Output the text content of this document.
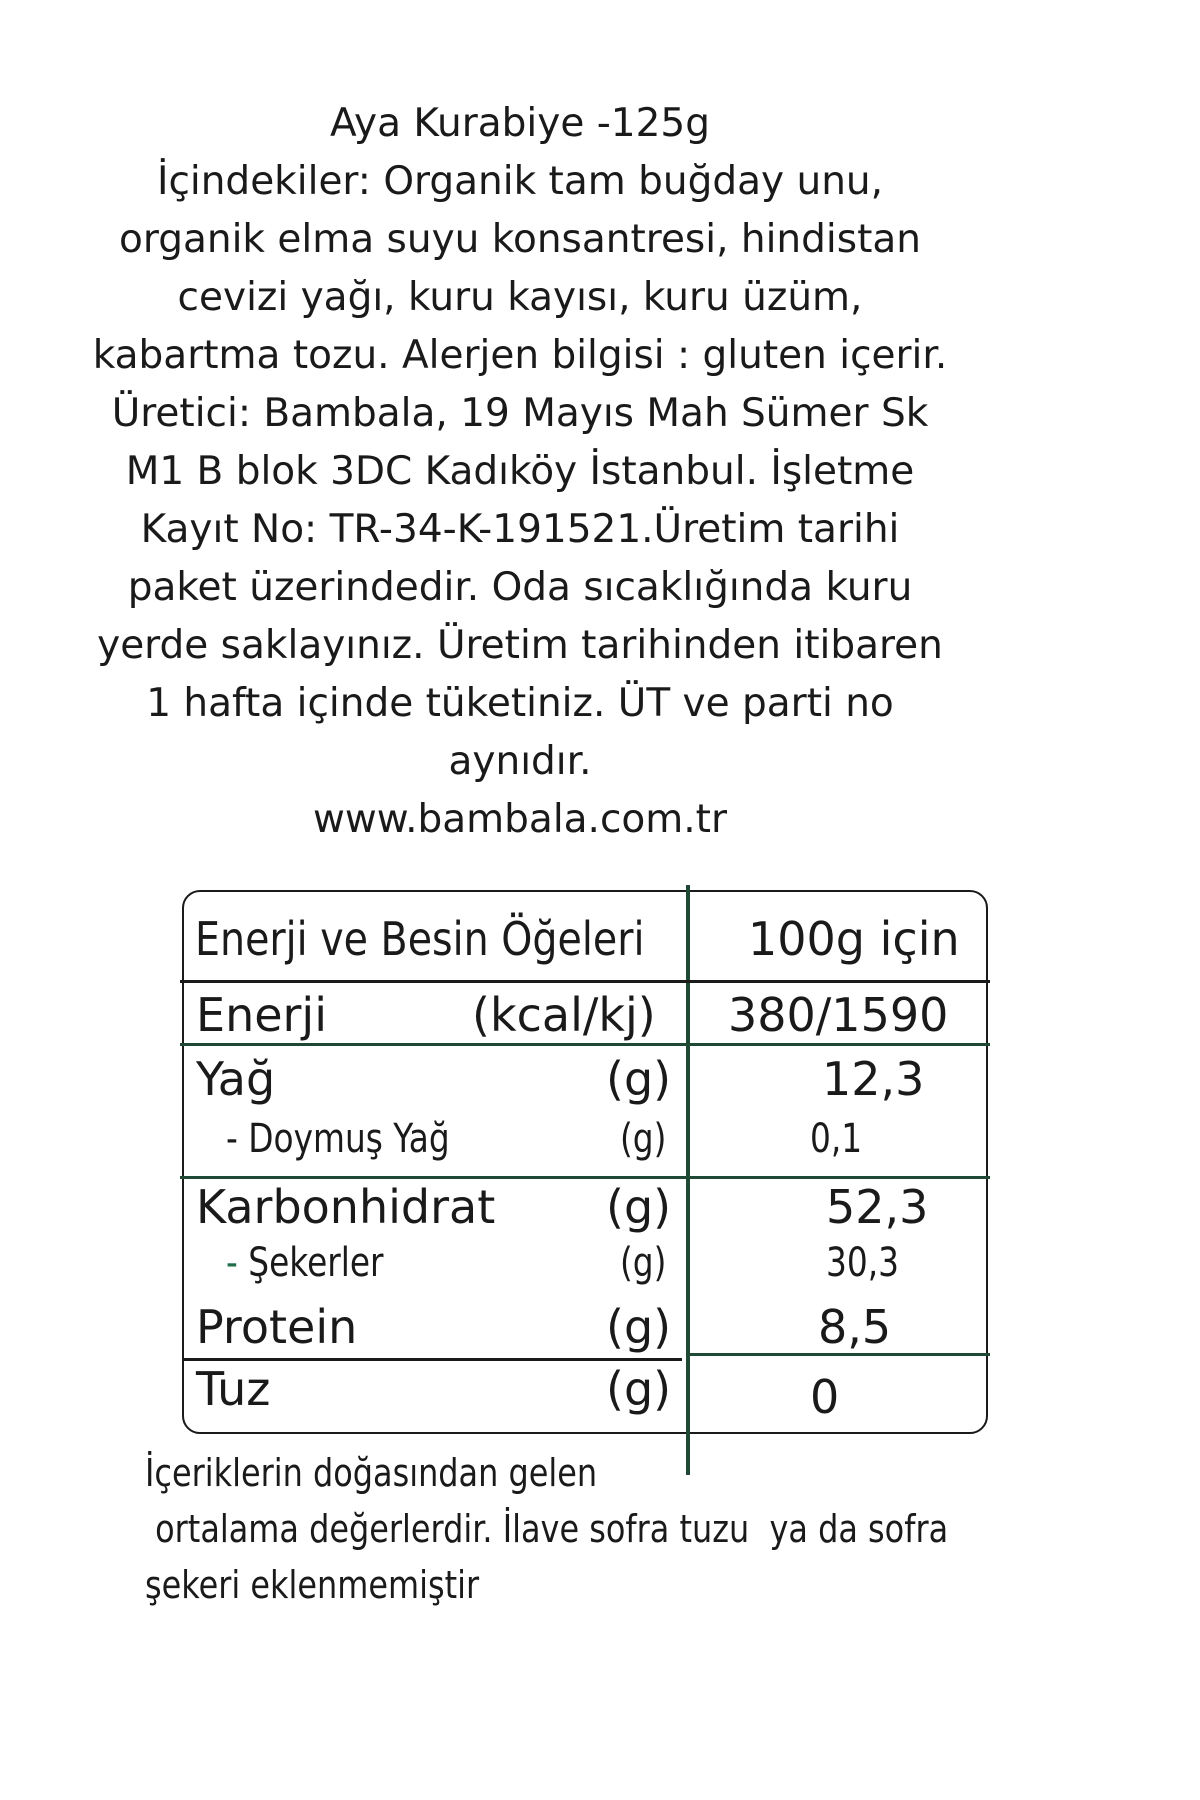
Aya Kurabiye -125g
İçindekiler: Organik tam buğday unu,
organik elma suyu konsantresi, hindistan
cevizi yağı, kuru kayısı, kuru üzüm,
kabartma tozu. Alerjen bilgisi : gluten içerir.
Üretici: Bambala, 19 Mayıs Mah Sümer Sk
M1 B blok 3DC Kadıköy İstanbul. İşletme
Kayıt No: TR-34-K-191521.Üretim tarihi
paket üzerindedir. Oda sıcaklığında kuru
yerde saklayınız. Üretim tarihinden itibaren
1 hafta içinde tüketiniz. ÜT ve parti no
aynıdır.
www.bambala.com.tr
Enerji ve Besin Öğeleri 100g için
Enerji	(kcal/kj) 380/1590
Yağ	(g)	12,3
- Doymuş Yağ	(g)	0,1
Karbonhidrat (g)	52,3
- Şekerler	(g)	30,3
Protein	(g)	8,5
Tuz	(g)	0
İçeriklerin doğasından gelen
ortalama değerlerdir. İlave sofra tuzu  ya da sofra
şekeri eklenmemiştir
